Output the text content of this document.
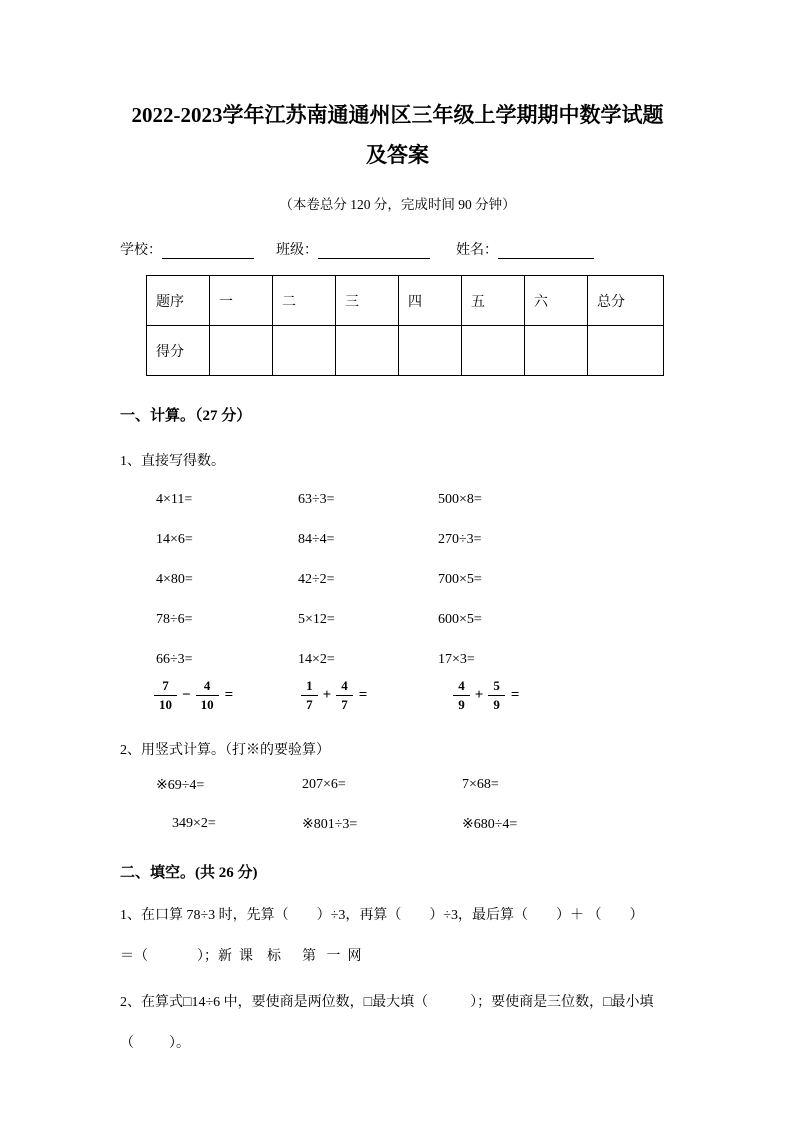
2022-2023学年江苏南通通州区三年级上学期期中数学试题
及答案
（本卷总分 120 分，完成时间 90 分钟）
学校：	班级：	姓名：
题序	一	二	三	四	五	六	总分
得分							
一、计算。（27 分）
1、直接写得数。
4×11=	63÷3=	500×8=
14×6=	84÷4=	270÷3=
4×80=	42÷2=	700×5=
78÷6=	5×12=	600×5=
66÷3=	14×2=	17×3=
$\frac{7}{10} - \frac{4}{10}$ =	$\frac{1}{7} + \frac{4}{7}$ =	$\frac{4}{9} + \frac{5}{9}$ =
2、用竖式计算。（打※的要验算）
※69÷4=	207×6=	7×68=
349×2=	※801÷3=	※680÷4=
二、填空。(共 26 分)

1、在口算 78÷3 时，先算（        ）÷3，再算（        ）÷3，最后算（        ）＋ （        ）

＝（              ）；新  课    标      第   一  网

2、在算式□14÷6 中，要使商是两位数，□最大填（            ）；要使商是三位数，□最小填

（          ）。
